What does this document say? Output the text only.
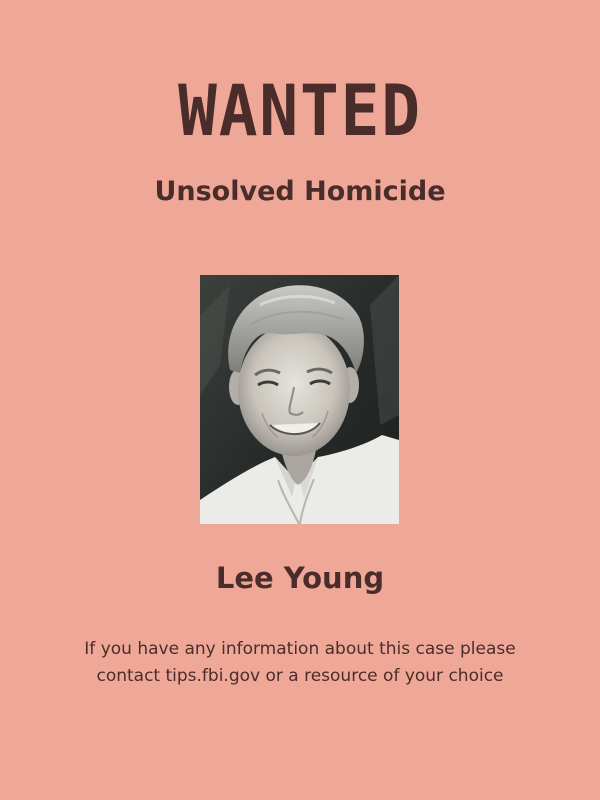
WANTED
Unsolved Homicide
Lee Young
If you have any information about this case please
contact tips.fbi.gov or a resource of your choice
